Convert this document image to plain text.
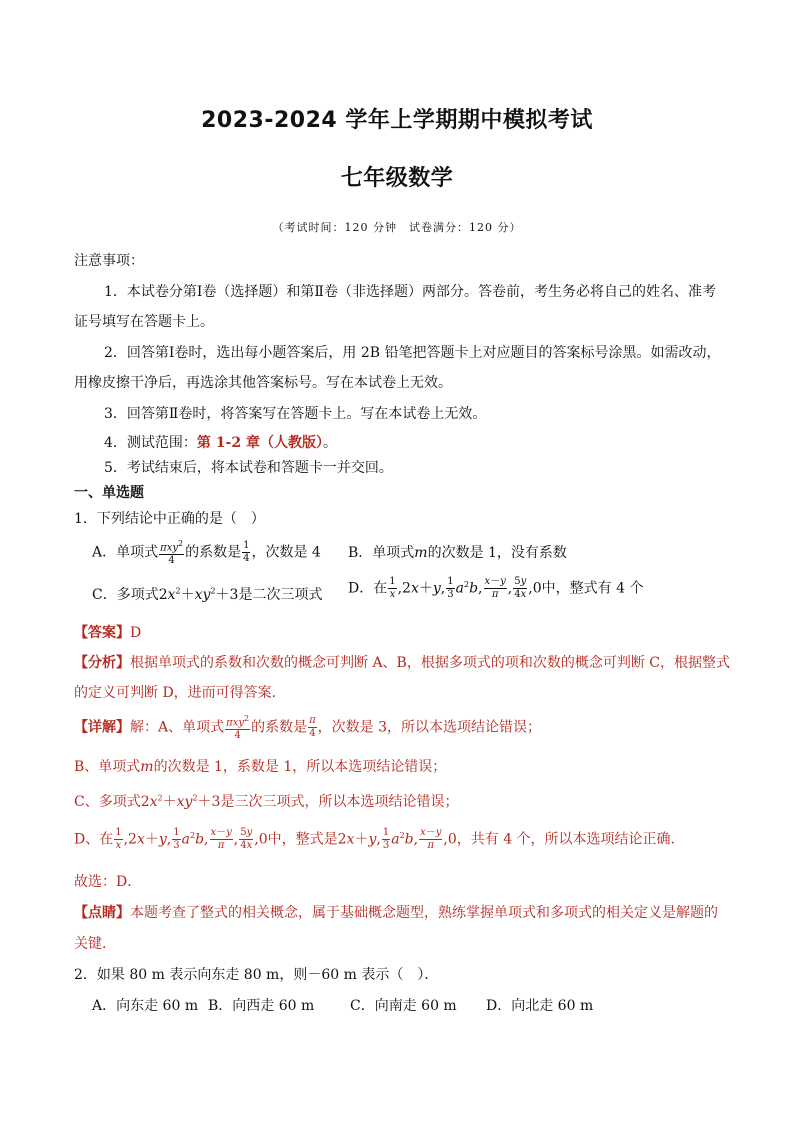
2023-2024 学年上学期期中模拟考试
七年级数学
（考试时间：120 分钟　试卷满分：120 分）
注意事项：
1．本试卷分第Ⅰ卷（选择题）和第Ⅱ卷（非选择题）两部分。答卷前，考生务必将自己的姓名、准考
证号填写在答题卡上。
2．回答第Ⅰ卷时，选出每小题答案后，用 2B 铅笔把答题卡上对应题目的答案标号涂黑。如需改动，
用橡皮擦干净后，再选涂其他答案标号。写在本试卷上无效。
3．回答第Ⅱ卷时，将答案写在答题卡上。写在本试卷上无效。
4．测试范围：第 1-2 章（人教版）。
5．考试结束后，将本试卷和答题卡一并交回。
一、单选题
1．下列结论中正确的是（　）
A．单项式 $\frac{\pi xy^2}{4}$ 的系数是 $\frac{1}{4}$ ，次数是 4 B．单项式m的次数是 1，没有系数
C．多项式$2x^2+xy^2+3$是二次三项式 D．在 $\frac{1}{x} ,2x+y$, $\frac{1}{3} a^2b$, $\frac{x-y}{\pi}$ , $\frac{5y}{4x} ,0$中，整式有 4 个
【答案】D
【分析】根据单项式的系数和次数的概念可判断 A、B，根据多项式的项和次数的概念可判断 C，根据整式
的定义可判断 D，进而可得答案．
【详解】解：A、单项式 $\frac{\pi xy^2}{4}$ 的系数是 $\frac{\pi}{4}$ ，次数是 3，所以本选项结论错误；
B、单项式m的次数是 1，系数是 1，所以本选项结论错误；
C、多项式$2x^2+xy^2+3$是三次三项式，所以本选项结论错误；
D、在 $\frac{1}{x} ,2x+y$, $\frac{1}{3} a^2b$, $\frac{x-y}{\pi}$ , $\frac{5y}{4x} ,0$中，整式是2x＋y, $\frac{1}{3} a^2b$, $\frac{x-y}{\pi} ,0$，共有 4 个，所以本选项结论正确．
故选：D．
【点睛】本题考查了整式的相关概念，属于基础概念题型，熟练掌握单项式和多项式的相关定义是解题的
关键．
2．如果 80 m 表示向东走 80 m，则－60 m 表示（　）．
A．向东走 60 m B．向西走 60 m	C．向南走 60 m D．向北走 60 m
